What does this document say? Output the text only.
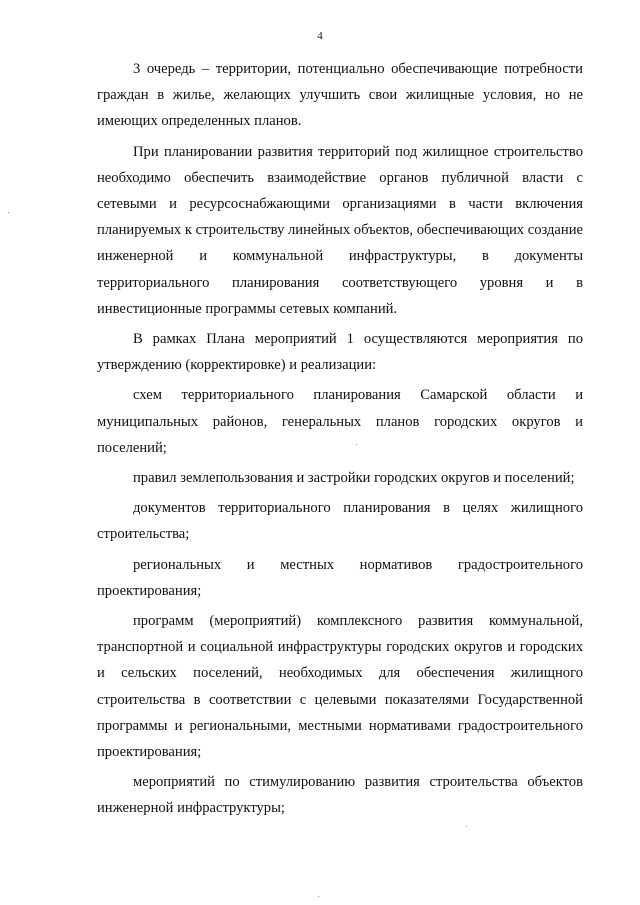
4

3 очередь – территории, потенциально обеспечивающие потребности граждан в жилье, желающих улучшить свои жилищные условия, но не имеющих определенных планов.

При планировании развития территорий под жилищное строительство необходимо обеспечить взаимодействие органов публичной власти с сетевыми и ресурсоснабжающими организациями в части включения планируемых к строительству линейных объектов, обеспечивающих создание инженерной и коммунальной инфраструктуры, в документы территориального планирования соответствующего уровня и в инвестиционные программы сетевых компаний.

В рамках Плана мероприятий 1 осуществляются мероприятия по утверждению (корректировке) и реализации:

схем территориального планирования Самарской области и муниципальных районов, генеральных планов городских округов и поселений;

правил землепользования и застройки городских округов и поселений;

документов территориального планирования в целях жилищного строительства;

региональных и местных нормативов градостроительного проектирования;

программ (мероприятий) комплексного развития коммунальной, транспортной и социальной инфраструктуры городских округов и городских и сельских поселений, необходимых для обеспечения жилищного строительства в соответствии с целевыми показателями Государственной программы и региональными, местными нормативами градостроительного проектирования;

мероприятий по стимулированию развития строительства объектов инженерной инфраструктуры;
